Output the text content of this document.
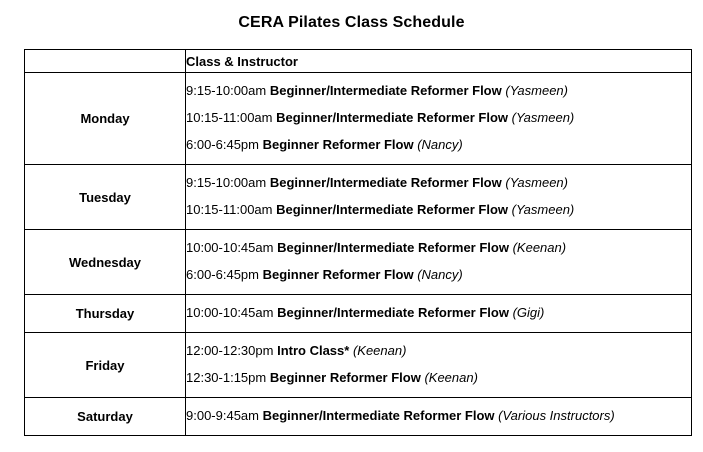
CERA Pilates Class Schedule
	Class & Instructor
Monday	9:15-10:00am Beginner/Intermediate Reformer Flow (Yasmeen)
10:15-11:00am Beginner/Intermediate Reformer Flow (Yasmeen)
6:00-6:45pm Beginner Reformer Flow (Nancy)

Tuesday	9:15-10:00am Beginner/Intermediate Reformer Flow (Yasmeen)
10:15-11:00am Beginner/Intermediate Reformer Flow (Yasmeen)

Wednesday	10:00-10:45am Beginner/Intermediate Reformer Flow (Keenan)
6:00-6:45pm Beginner Reformer Flow (Nancy)

Thursday	10:00-10:45am Beginner/Intermediate Reformer Flow (Gigi)

Friday	12:00-12:30pm Intro Class* (Keenan)
12:30-1:15pm Beginner Reformer Flow (Keenan)

Saturday	9:00-9:45am Beginner/Intermediate Reformer Flow (Various Instructors)
